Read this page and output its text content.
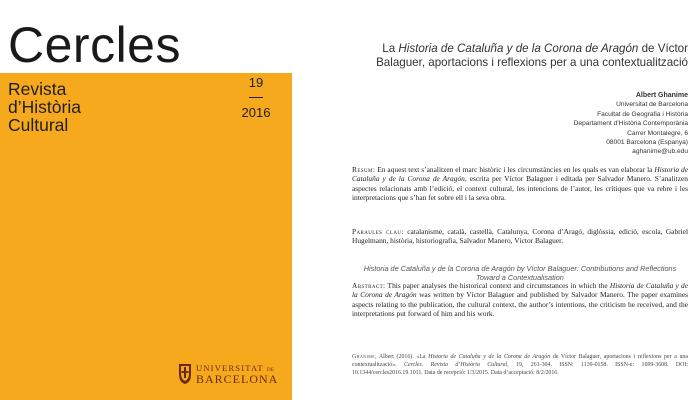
Cercles
Revista
d’Història
Cultural
19
2016
UNIVERSITAT DE
BARCELONA
La Historia de Cataluña y de la Corona de Aragón de Víctor Balaguer, aportacions i reflexions per a una contextualització
Albert Ghanime
Universitat de Barcelona
Facultat de Geografia i Història
Departament d’Història Contemporània
Carrer Montalegre, 6
08001 Barcelona (Espanya)
aghanime@ub.edu

Resum: En aquest text s’analitzen el marc històric i les circumstàncies en les quals es van elaborar la Historia de Cataluña y de la Corona de Aragón, escrita per Víctor Balaguer i editada per Salvador Manero. S’analitzen aspectes relacionats amb l’edició, el context cultural, les intencions de l’autor, les crítiques que va rebre i les interpretacions que s’han fet sobre ell i la seva obra.

Paraules clau: catalanisme, català, castellà, Catalunya, Corona d’Aragó, diglòssia, edició, escola, Gabriel Hugelmann, història, historiografia, Salvador Manero, Víctor Balaguer.

Historia de Cataluña y de la Corona de Aragón by Víctor Balaguer: Contributions and Reflections Toward a Contextualisation

Abstract: This paper analyses the historical context and circumstances in which the Historia de Cataluña y de la Corona de Aragón was written by Víctor Balaguer and published by Salvador Manero. The paper examines aspects relating to the publication, the cultural context, the author’s intentions, the criticism he received, and the interpretations put forward of him and his work.

Ghanime, Albert (2016). «La Historia de Cataluña y de la Corona de Aragón de Víctor Balaguer, aportacions i reflexions per a una contextualització». Cercles. Revista d’Història Cultural, 19, 261-304. ISSN: 1139-0158. ISSN-e: 1699-3608. DOI: 10.1344/cercles2016.19.1011. Data de recepció: 1/3/2015. Data d’acceptació: 8/2/2016.
